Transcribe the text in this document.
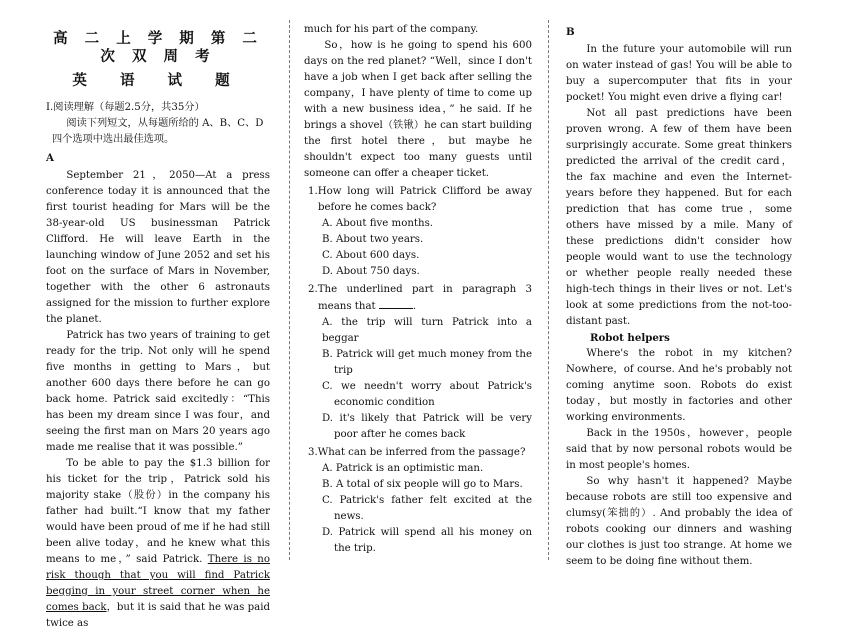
高 二 上 学 期 第 二 次 双 周 考
英 语 试 题

Ⅰ.阅读理解（每题2.5分，共35分）

阅读下列短文，从每题所给的 A、B、C、D

四个选项中选出最佳选项。

A

September 21，2050—At a press conference today it is announced that the first tourist heading for Mars will be the 38-year-old US businessman Patrick Clifford. He will leave Earth in the launching window of June 2052 and set his foot on the surface of Mars in November, together with the other 6 astronauts assigned for the mission to further explore the planet.

Patrick has two years of training to get ready for the trip. Not only will he spend five months in getting to Mars，but another 600 days there before he can go back home. Patrick said excitedly：“This has been my dream since I was four，and seeing the first man on Mars 20 years ago made me realise that it was possible.”

To be able to pay the $1.3 billion for his ticket for the trip，Patrick sold his majority stake（股份）in the company his father had built.“I know that my father would have been proud of me if he had still been alive today，and he knew what this means to me，” said Patrick. There is no risk though that you will find Patrick begging in your street corner when he comes back，but it is said that he was paid twice as

much for his part of the company.

So，how is he going to spend his 600 days on the red planet? “Well，since I don't have a job when I get back after selling the company，I have plenty of time to come up with a new business idea，” he said. If he brings a shovel（铁锹）he can start building the first hotel there，but maybe he shouldn't expect too many guests until someone can offer a cheaper ticket.

1.How long will Patrick Clifford be away before he comes back?

A. About five months.

B. About two years.

C. About 600 days.

D. About 750 days.

2.The underlined part in paragraph 3 means that	.

A. the trip will turn Patrick into a beggar

B. Patrick will get much money from the trip

C. we needn't worry about Patrick's economic condition

D. it's likely that Patrick will be very poor after he comes back

3.What can be inferred from the passage?

A. Patrick is an optimistic man.

B. A total of six people will go to Mars.

C. Patrick's father felt excited at the news.

D. Patrick will spend all his money on the trip.

B

In the future your automobile will run on water instead of gas! You will be able to buy a supercomputer that fits in your pocket! You might even drive a flying car!

Not all past predictions have been proven wrong. A few of them have been surprisingly accurate. Some great thinkers predicted the arrival of the credit card，the fax machine and even the Internet-years before they happened. But for each prediction that has come true，some others have missed by a mile. Many of these predictions didn't consider how people would want to use the technology or whether people really needed these high-tech things in their lives or not. Let's look at some predictions from the not-too-distant past.

Robot helpers

Where's the robot in my kitchen? Nowhere，of course. And he's probably not coming anytime soon. Robots do exist today，but mostly in factories and other working environments.

Back in the 1950s，however，people said that by now personal robots would be in most people's homes.

So why hasn't it happened? Maybe because robots are still too expensive and clumsy(笨拙的）. And probably the idea of robots cooking our dinners and washing our clothes is just too strange. At home we seem to be doing fine without them.
